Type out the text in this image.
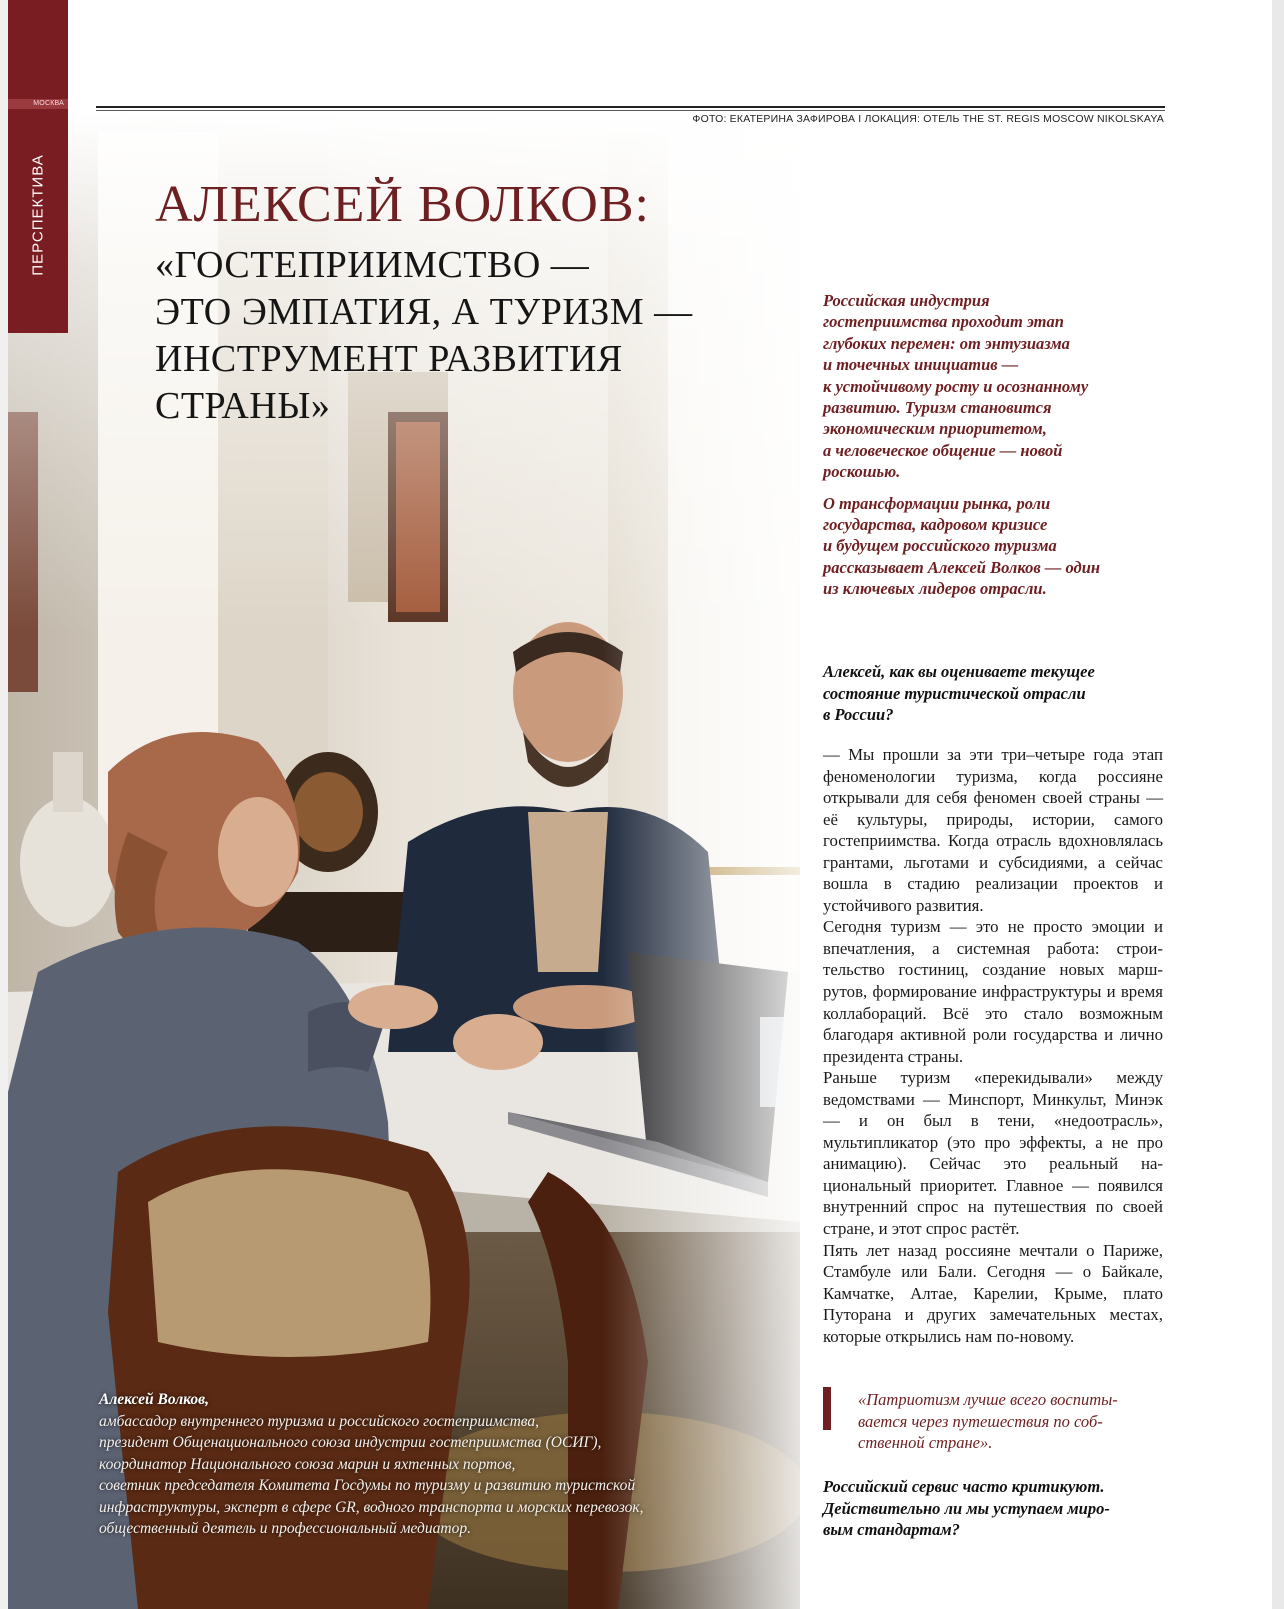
МОСКВА
ПЕРСПЕКТИВА
ФОТО: ЕКАТЕРИНА ЗАФИРОВА I ЛОКАЦИЯ: ОТЕЛЬ THE ST. REGIS MOSCOW NIKOLSKAYA
АЛЕКСЕЙ ВОЛКОВ:
«ГОСТЕПРИИМСТВО —
ЭТО ЭМПАТИЯ, А ТУРИЗМ —
ИНСТРУМЕНТ РАЗВИТИЯ
СТРАНЫ»
Алексей Волков,
амбассадор внутреннего туризма и российского гостеприимства,
президент Общенационального союза индустрии гостеприимства (ОСИГ),
координатор Национального союза марин и яхтенных портов,
советник председателя Комитета Госдумы по туризму и развитию туристской
инфраструктуры, эксперт в сфере GR, водного транспорта и морских перевозок,
общественный деятель и профессиональный медиатор.

Российская индустрия
гостеприимства проходит этап
глубоких перемен: от энтузиазма
и точечных инициатив —
к устойчивому росту и осознанному
развитию. Туризм становится
экономическим приоритетом,
а человеческое общение — новой
роскошью.

О трансформации рынка, роли
государства, кадровом кризисе
и будущем российского туризма
рассказывает Алексей Волков — один
из ключевых лидеров отрасли.

Алексей, как вы оцениваете текущее
состояние туристической отрасли
в России?

— Мы прошли за эти три–четыре года этап феноменологии туризма, когда россияне открывали для себя феномен своей страны — её культуры, природы, истории, самого гостеприимства. Когда отрасль вдохновлялась грантами, льготами и субсидиями, а сейчас вошла в стадию реализации проектов и устойчивого развития.

Сегодня туризм — это не просто эмоции и впечатления, а системная работа: строительство гостиниц, создание новых маршрутов, формирование инфраструктуры и время коллабораций. Всё это стало возможным благодаря активной роли государства и лично президента страны.

Раньше туризм «перекидывали» между ведомствами — Минспорт, Минкульт, Минэк — и он был в тени, «недоотрасль», мультипликатор (это про эффекты, а не про анимацию). Сейчас это реальный национальный приоритет. Главное — появился внутренний спрос на путешествия по своей стране, и этот спрос растёт.

Пять лет назад россияне мечтали о Париже, Стамбуле или Бали. Сегодня — о Байкале, Камчатке, Алтае, Карелии, Крыме, плато Путорана и других замечательных местах, которые открылись нам по-новому.

«Патриотизм лучше всего воспиты-
вается через путешествия по соб-
ственной стране».
Российский сервис часто критикуют.
Действительно ли мы уступаем миро-
вым стандартам?
